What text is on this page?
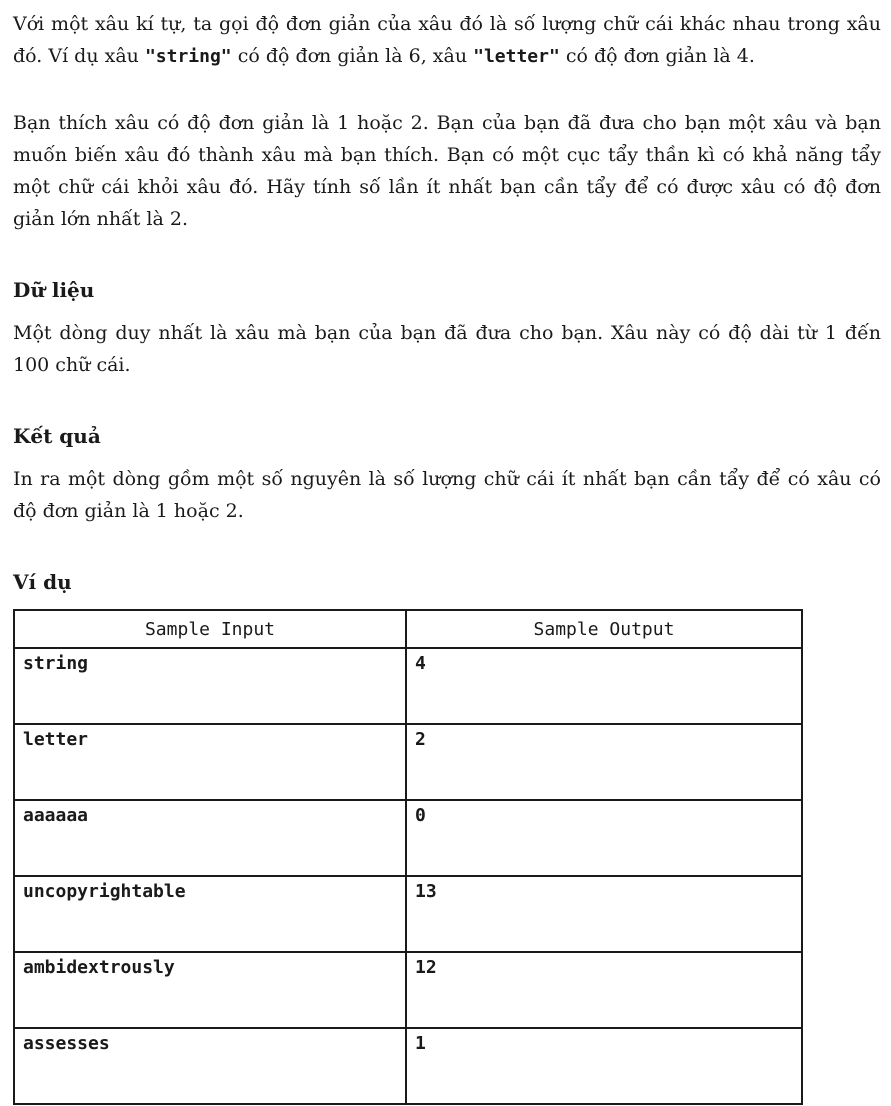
Với một xâu kí tự, ta gọi độ đơn giản của xâu đó là số lượng chữ cái khác nhau trong xâu đó. Ví dụ xâu "string" có độ đơn giản là 6, xâu "letter" có độ đơn giản là 4.

Bạn thích xâu có độ đơn giản là 1 hoặc 2. Bạn của bạn đã đưa cho bạn một xâu và bạn muốn biến xâu đó thành xâu mà bạn thích. Bạn có một cục tẩy thần kì có khả năng tẩy một chữ cái khỏi xâu đó. Hãy tính số lần ít nhất bạn cần tẩy để có được xâu có độ đơn giản lớn nhất là 2.

Dữ liệu

Một dòng duy nhất là xâu mà bạn của bạn đã đưa cho bạn. Xâu này có độ dài từ 1 đến 100 chữ cái.

Kết quả

In ra một dòng gồm một số nguyên là số lượng chữ cái ít nhất bạn cần tẩy để có xâu có độ đơn giản là 1 hoặc 2.

Ví dụ
Sample Input	Sample Output
string	4
letter	2
aaaaaa	0
uncopyrightable	13
ambidextrously	12
assesses	1
